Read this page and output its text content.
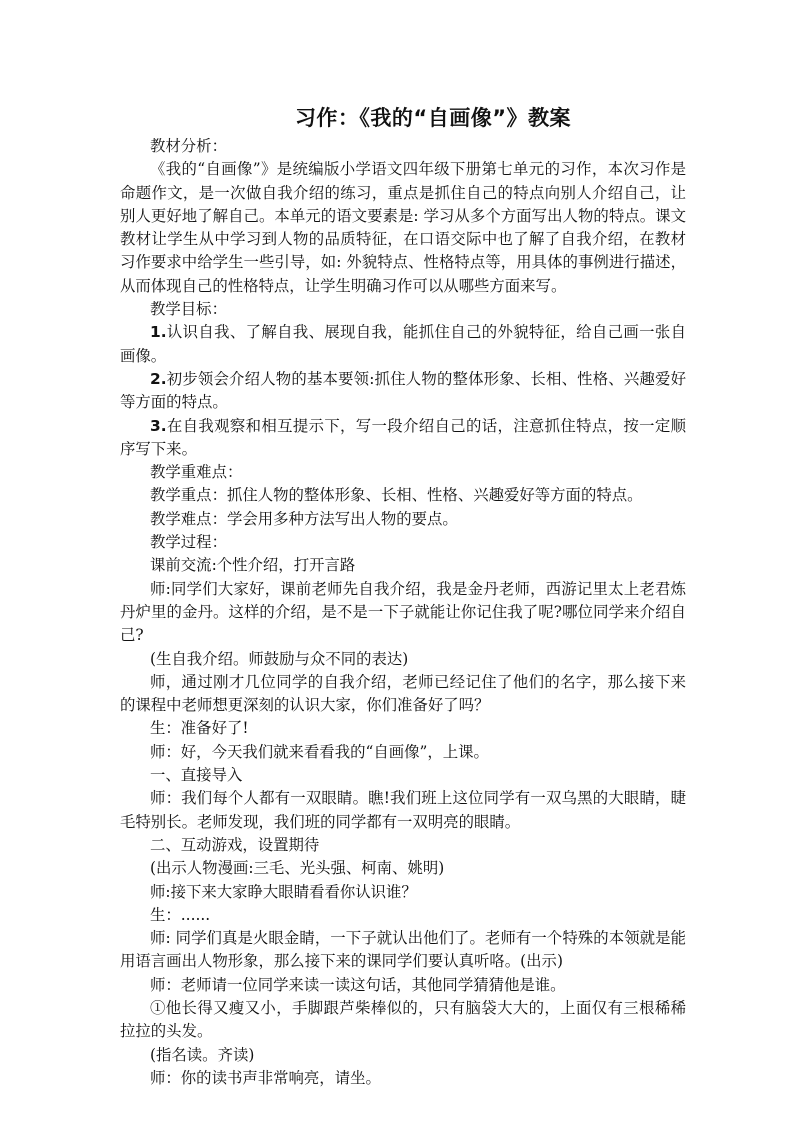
习作：《我的“自画像”》教案

教材分析：

《我的“自画像”》是统编版小学语文四年级下册第七单元的习作，本次习作是命题作文，是一次做自我介绍的练习，重点是抓住自己的特点向别人介绍自己，让别人更好地了解自己。本单元的语文要素是: 学习从多个方面写出人物的特点。课文教材让学生从中学习到人物的品质特征，在口语交际中也了解了自我介绍，在教材习作要求中给学生一些引导，如: 外貌特点、性格特点等，用具体的事例进行描述，从而体现自己的性格特点，让学生明确习作可以从哪些方面来写。

教学目标：

1.认识自我、了解自我、展现自我，能抓住自己的外貌特征，给自己画一张自画像。

2.初步领会介绍人物的基本要领:抓住人物的整体形象、长相、性格、兴趣爱好等方面的特点。

3.在自我观察和相互提示下，写一段介绍自己的话，注意抓住特点，按一定顺序写下来。

教学重难点：

教学重点：抓住人物的整体形象、长相、性格、兴趣爱好等方面的特点。

教学难点：学会用多种方法写出人物的要点。

教学过程：

课前交流:个性介绍，打开言路

师:同学们大家好，课前老师先自我介绍，我是金丹老师，西游记里太上老君炼丹炉里的金丹。这样的介绍，是不是一下子就能让你记住我了呢?哪位同学来介绍自己?

(生自我介绍。师鼓励与众不同的表达)

师，通过刚才几位同学的自我介绍，老师已经记住了他们的名字，那么接下来的课程中老师想更深刻的认识大家，你们准备好了吗？

生：准备好了!

师：好，今天我们就来看看我的“自画像”，上课。

一、直接导入

师：我们每个人都有一双眼睛。瞧!我们班上这位同学有一双乌黑的大眼睛，睫毛特别长。老师发现，我们班的同学都有一双明亮的眼睛。

二、互动游戏，设置期待

(出示人物漫画:三毛、光头强、柯南、姚明)

师:接下来大家睁大眼睛看看你认识谁？

生：......

师: 同学们真是火眼金睛，一下子就认出他们了。老师有一个特殊的本领就是能用语言画出人物形象，那么接下来的课同学们要认真听咯。(出示)

师：老师请一位同学来读一读这句话，其他同学猜猜他是谁。

①他长得又瘦又小，手脚跟芦柴棒似的，只有脑袋大大的，上面仅有三根稀稀拉拉的头发。

(指名读。齐读)

师：你的读书声非常响亮，请坐。
